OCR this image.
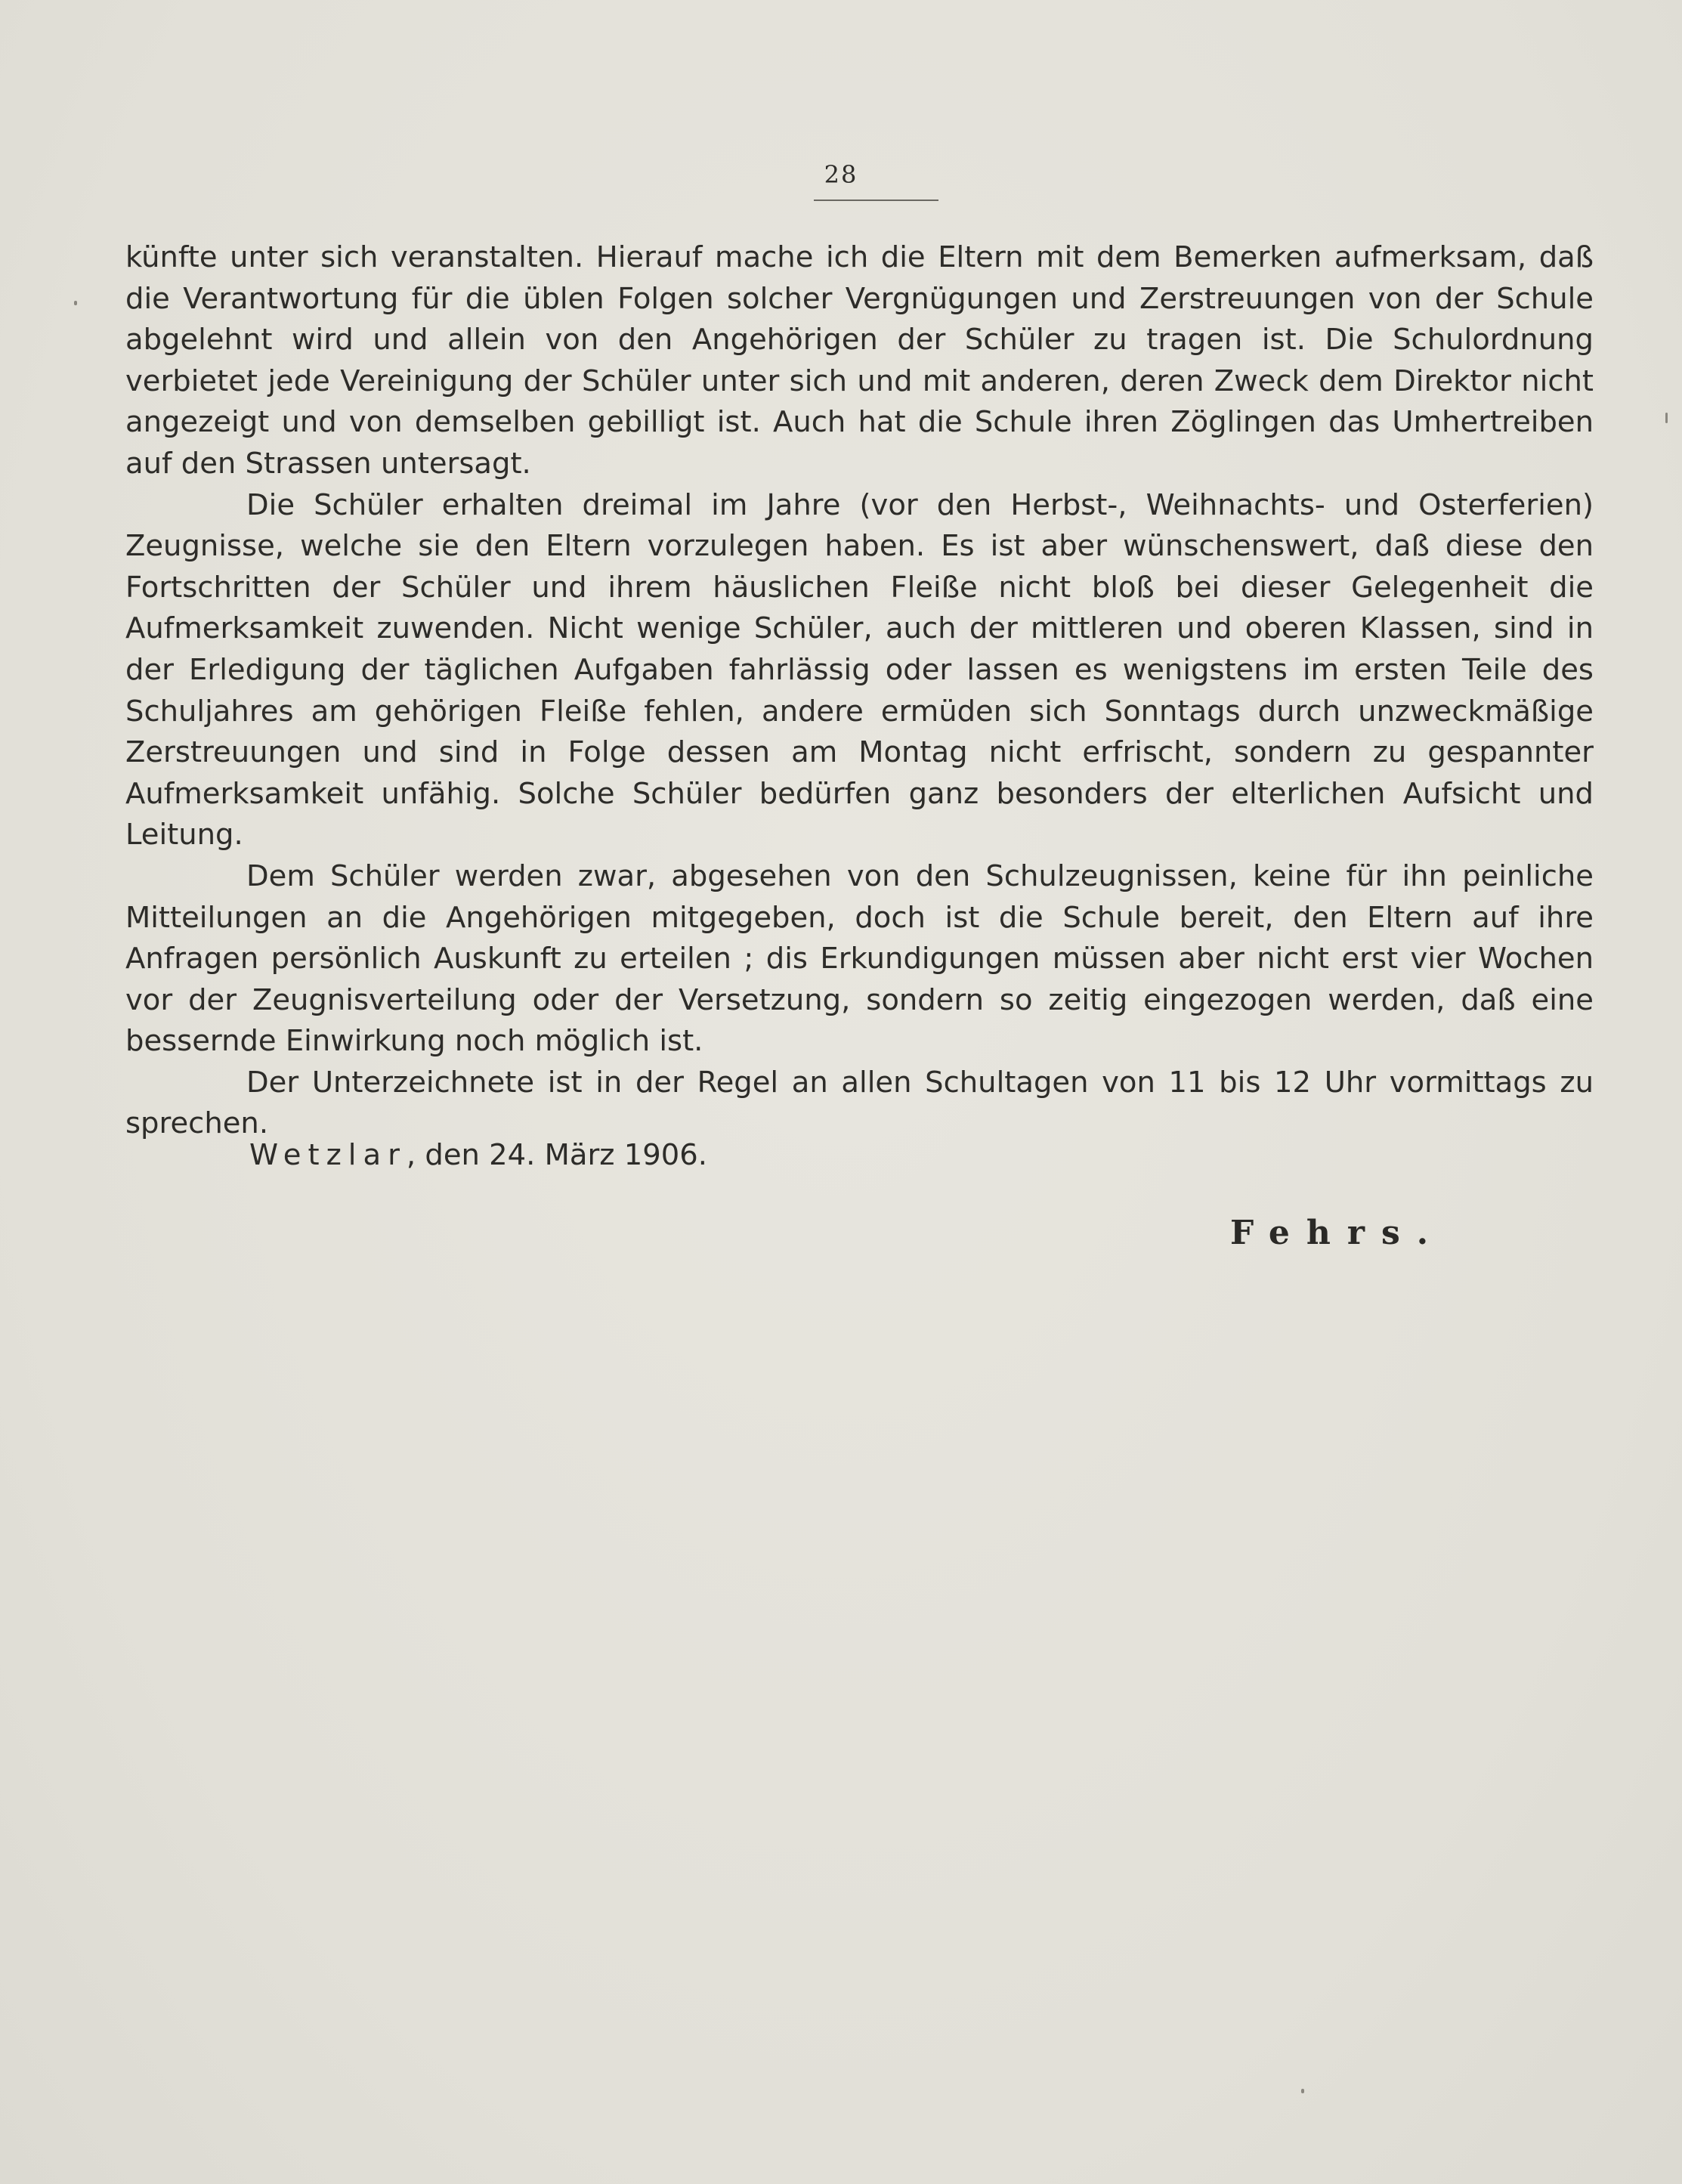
28

künfte unter sich veranstalten. Hierauf mache ich die Eltern mit dem Bemerken aufmerksam, daß die Verantwortung für die üblen Folgen solcher Vergnügungen und Zerstreuungen von der Schule abgelehnt wird und allein von den Angehörigen der Schüler zu tragen ist. Die Schulordnung verbietet jede Vereinigung der Schüler unter sich und mit anderen, deren Zweck dem Direktor nicht angezeigt und von demselben gebilligt ist. Auch hat die Schule ihren Zöglingen das Umhertreiben auf den Strassen untersagt.

Die Schüler erhalten dreimal im Jahre (vor den Herbst-, Weihnachts- und Osterferien) Zeugnisse, welche sie den Eltern vorzulegen haben. Es ist aber wünschenswert, daß diese den Fortschritten der Schüler und ihrem häuslichen Fleiße nicht bloß bei dieser Gelegenheit die Aufmerksamkeit zuwenden. Nicht wenige Schüler, auch der mittleren und oberen Klassen, sind in der Erledigung der täglichen Aufgaben fahrlässig oder lassen es wenigstens im ersten Teile des Schuljahres am gehörigen Fleiße fehlen, andere ermüden sich Sonntags durch unzweckmäßige Zerstreuungen und sind in Folge dessen am Montag nicht erfrischt, sondern zu gespannter Aufmerksamkeit unfähig. Solche Schüler bedürfen ganz besonders der elterlichen Aufsicht und Leitung.

Dem Schüler werden zwar, abgesehen von den Schulzeugnissen, keine für ihn peinliche Mitteilungen an die Angehörigen mitgegeben, doch ist die Schule bereit, den Eltern auf ihre Anfragen persönlich Auskunft zu erteilen ; dis Erkundigungen müssen aber nicht erst vier Wochen vor der Zeugnisverteilung oder der Versetzung, sondern so zeitig eingezogen werden, daß eine bessernde Einwirkung noch möglich ist.

Der Unterzeichnete ist in der Regel an allen Schultagen von 11 bis 12 Uhr vormittags zu sprechen.

Wetzlar, den 24. März 1906.
Fehrs.
